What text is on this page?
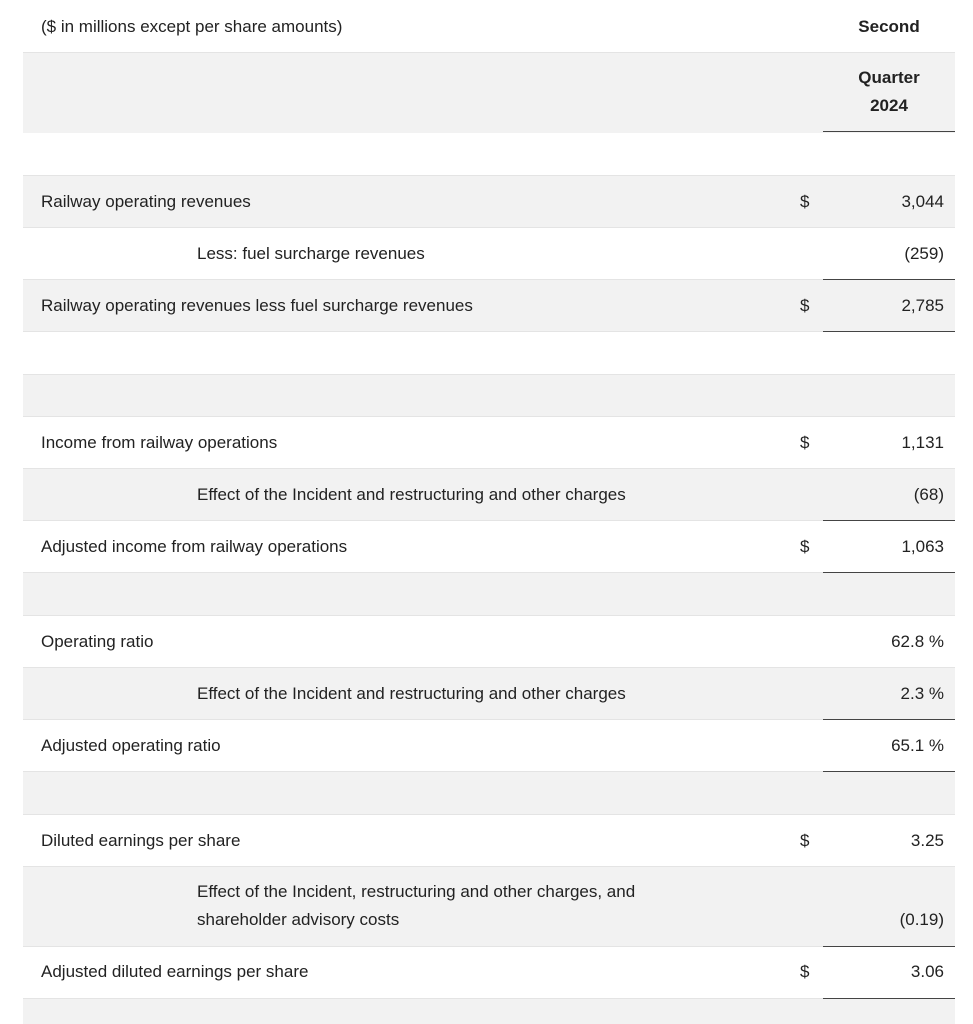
($ in millions except per share amounts)	Second
Quarter
2024
Railway operating revenues	$	3,044
Less: fuel surcharge revenues	(259)
Railway operating revenues less fuel surcharge revenues	$	2,785
Income from railway operations	$	1,131
Effect of the Incident and restructuring and other charges	(68)
Adjusted income from railway operations	$	1,063
Operating ratio	62.8 %
Effect of the Incident and restructuring and other charges	2.3 %
Adjusted operating ratio	65.1 %
Diluted earnings per share	$	3.25
Effect of the Incident, restructuring and other charges, and
shareholder advisory costs	(0.19)
Adjusted diluted earnings per share	$	3.06
